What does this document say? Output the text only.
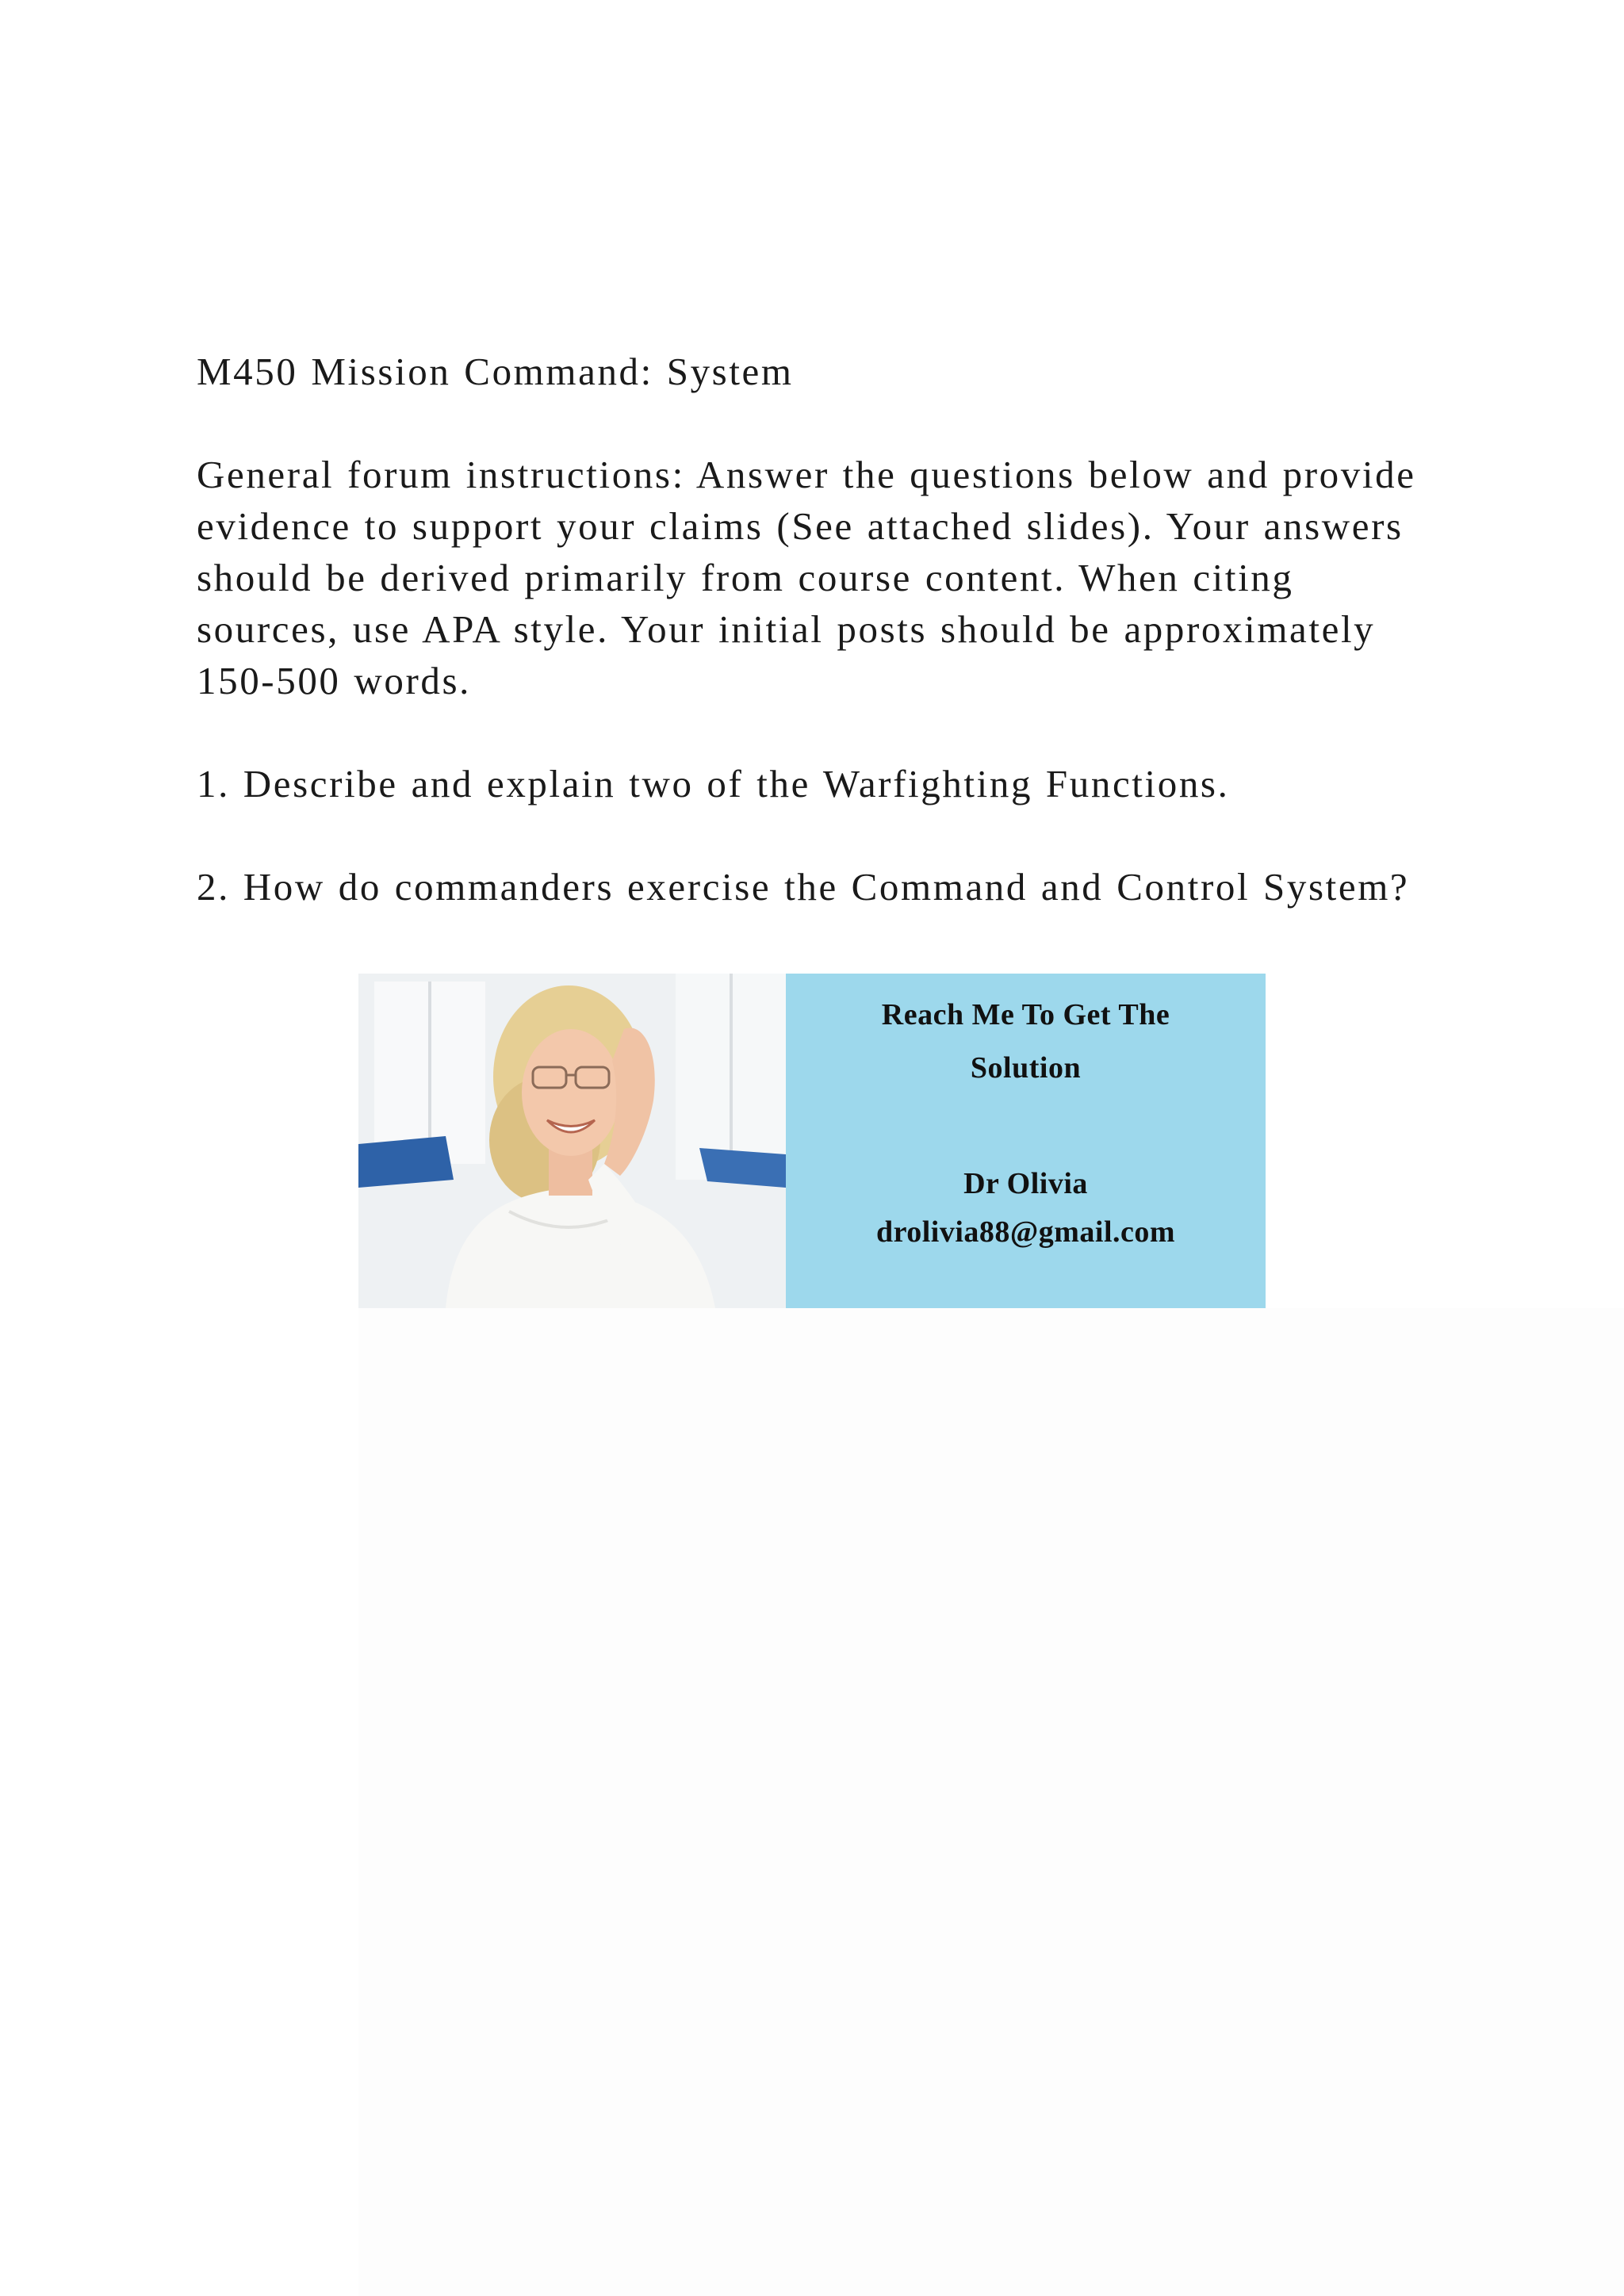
M450 Mission Command: System

General forum instructions: Answer the questions below and provide evidence to support your claims (See attached slides). Your answers should be derived primarily from course content. When citing sources, use APA style. Your initial posts should be approximately 150-500 words.

1. Describe and explain two of the Warfighting Functions.

2. How do commanders exercise the Command and Control System?

Reach Me To Get The
Solution
Dr Olivia
drolivia88@gmail.com
